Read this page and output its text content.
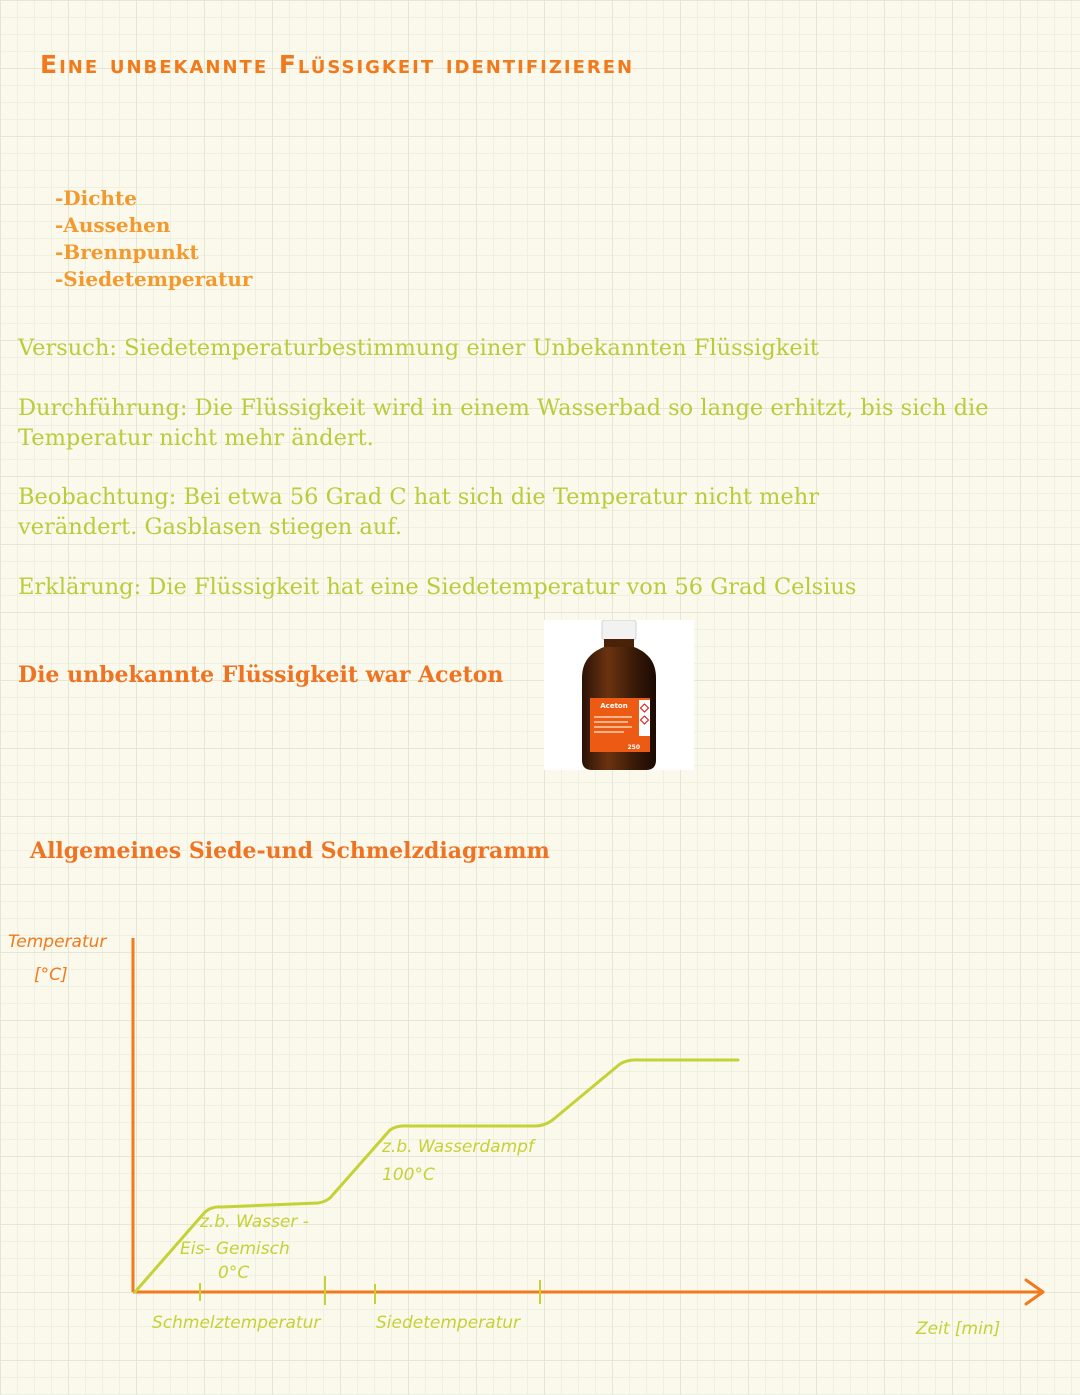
Eine unbekannte Flüssigkeit identifizieren
-Dichte
-Aussehen
-Brennpunkt
-Siedetemperatur

Versuch: Siedetemperaturbestimmung einer Unbekannten Flüssigkeit

Durchführung: Die Flüssigkeit wird in einem Wasserbad so lange erhitzt, bis sich die Temperatur nicht mehr ändert.

Beobachtung: Bei etwa 56 Grad C hat sich die Temperatur nicht mehr verändert. Gasblasen stiegen auf.

Erklärung: Die Flüssigkeit hat eine Siedetemperatur von 56 Grad Celsius

Die unbekannte Flüssigkeit war Aceton

Aceton
250
Allgemeines Siede-und Schmelzdiagramm
Temperatur
[°C]
Zeit [min]
z.b. Wasser -
Eis- Gemisch
0°C
z.b. Wasserdampf
100°C
Schmelztemperatur	Siedetemperatur
